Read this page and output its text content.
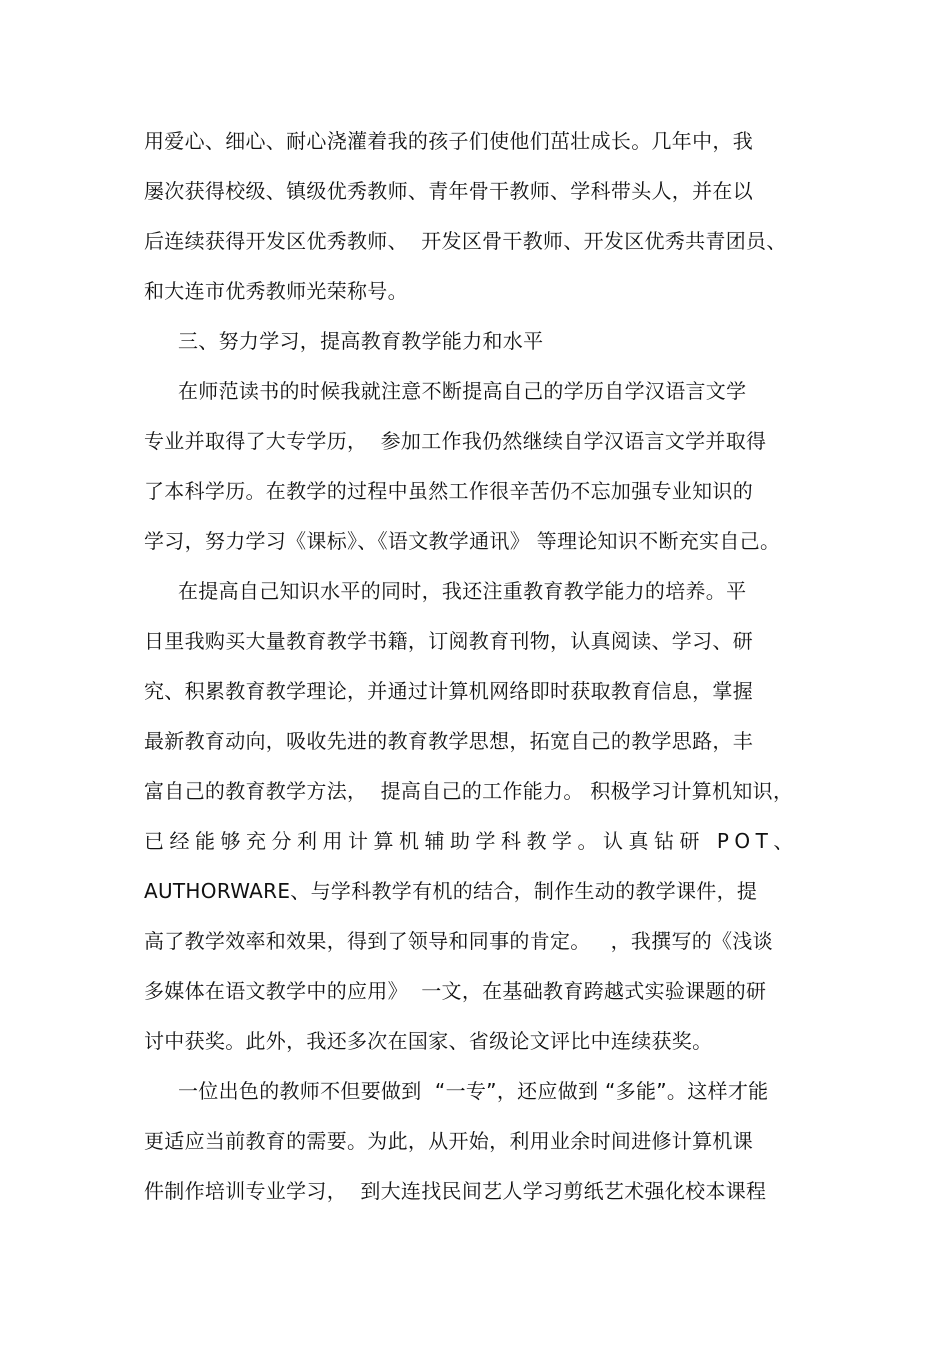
用爱心、细心、耐心浇灌着我的孩子们使他们茁壮成长。几年中，我
屡次获得校级、镇级优秀教师、青年骨干教师、学科带头人，并在以
后连续获得开发区优秀教师、  开发区骨干教师、开发区优秀共青团员、
和大连市优秀教师光荣称号。
三、努力学习，提高教育教学能力和水平
在师范读书的时候我就注意不断提高自己的学历自学汉语言文学
专业并取得了大专学历，  参加工作我仍然继续自学汉语言文学并取得
了本科学历。在教学的过程中虽然工作很辛苦仍不忘加强专业知识的
学习，努力学习《课标》、《语文教学通讯》 等理论知识不断充实自己。
在提高自己知识水平的同时，我还注重教育教学能力的培养。平
日里我购买大量教育教学书籍，订阅教育刊物，认真阅读、学习、研
究、积累教育教学理论，并通过计算机网络即时获取教育信息，掌握
最新教育动向，吸收先进的教育教学思想，拓宽自己的教学思路，丰
富自己的教育教学方法，  提高自己的工作能力。 积极学习计算机知识，
已经能够充分利用计算机辅助学科教学。认真钻研 POT、
AUTHORWARE、与学科教学有机的结合，制作生动的教学课件，提
高了教学效率和效果，得到了领导和同事的肯定。   ，我撰写的《浅谈
多媒体在语文教学中的应用》  一文，在基础教育跨越式实验课题的研
讨中获奖。此外，我还多次在国家、省级论文评比中连续获奖。
一位出色的教师不但要做到  “一专”，还应做到 “多能”。这样才能
更适应当前教育的需要。为此，从开始，利用业余时间进修计算机课
件制作培训专业学习，  到大连找民间艺人学习剪纸艺术强化校本课程
